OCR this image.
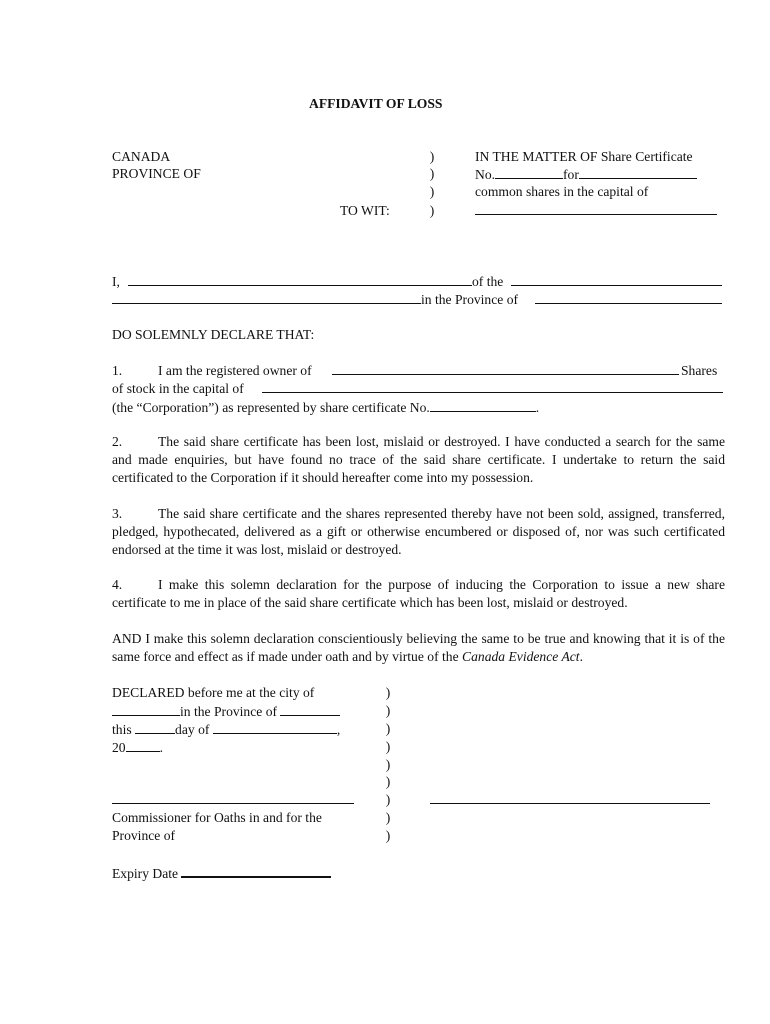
AFFIDAVIT OF LOSS
CANADA
PROVINCE OF
TO WIT:
)
)
)
)
IN THE MATTER OF Share Certificate
No.	for
common shares in the capital of
I,	of the
in the Province of
DO SOLEMNLY DECLARE THAT:
1.	I am the registered owner of	Shares
of stock in the capital of
(the “Corporation”) as represented by share certificate No.	.
2.	The said share certificate has been lost, mislaid or destroyed. I have conducted a search for the same and made enquiries, but have found no trace of the said share certificate. I undertake to return the said certificated to the Corporation if it should hereafter come into my possession.
3.	The said share certificate and the shares represented thereby have not been sold, assigned, transferred, pledged, hypothecated, delivered as a gift or otherwise encumbered or disposed of, nor was such certificated endorsed at the time it was lost, mislaid or destroyed.
4.	I make this solemn declaration for the purpose of inducing the Corporation to issue a new share certificate to me in place of the said share certificate which has been lost, mislaid or destroyed.
AND I make this solemn declaration conscientiously believing the same to be true and knowing that it is of the same force and effect as if made under oath and by virtue of the Canada Evidence Act.
DECLARED before me at the city of
in the Province of
this	day of	,
20	.
)
)
)
)
)
)
)
)
)
Commissioner for Oaths in and for the
Province of
Expiry Date
